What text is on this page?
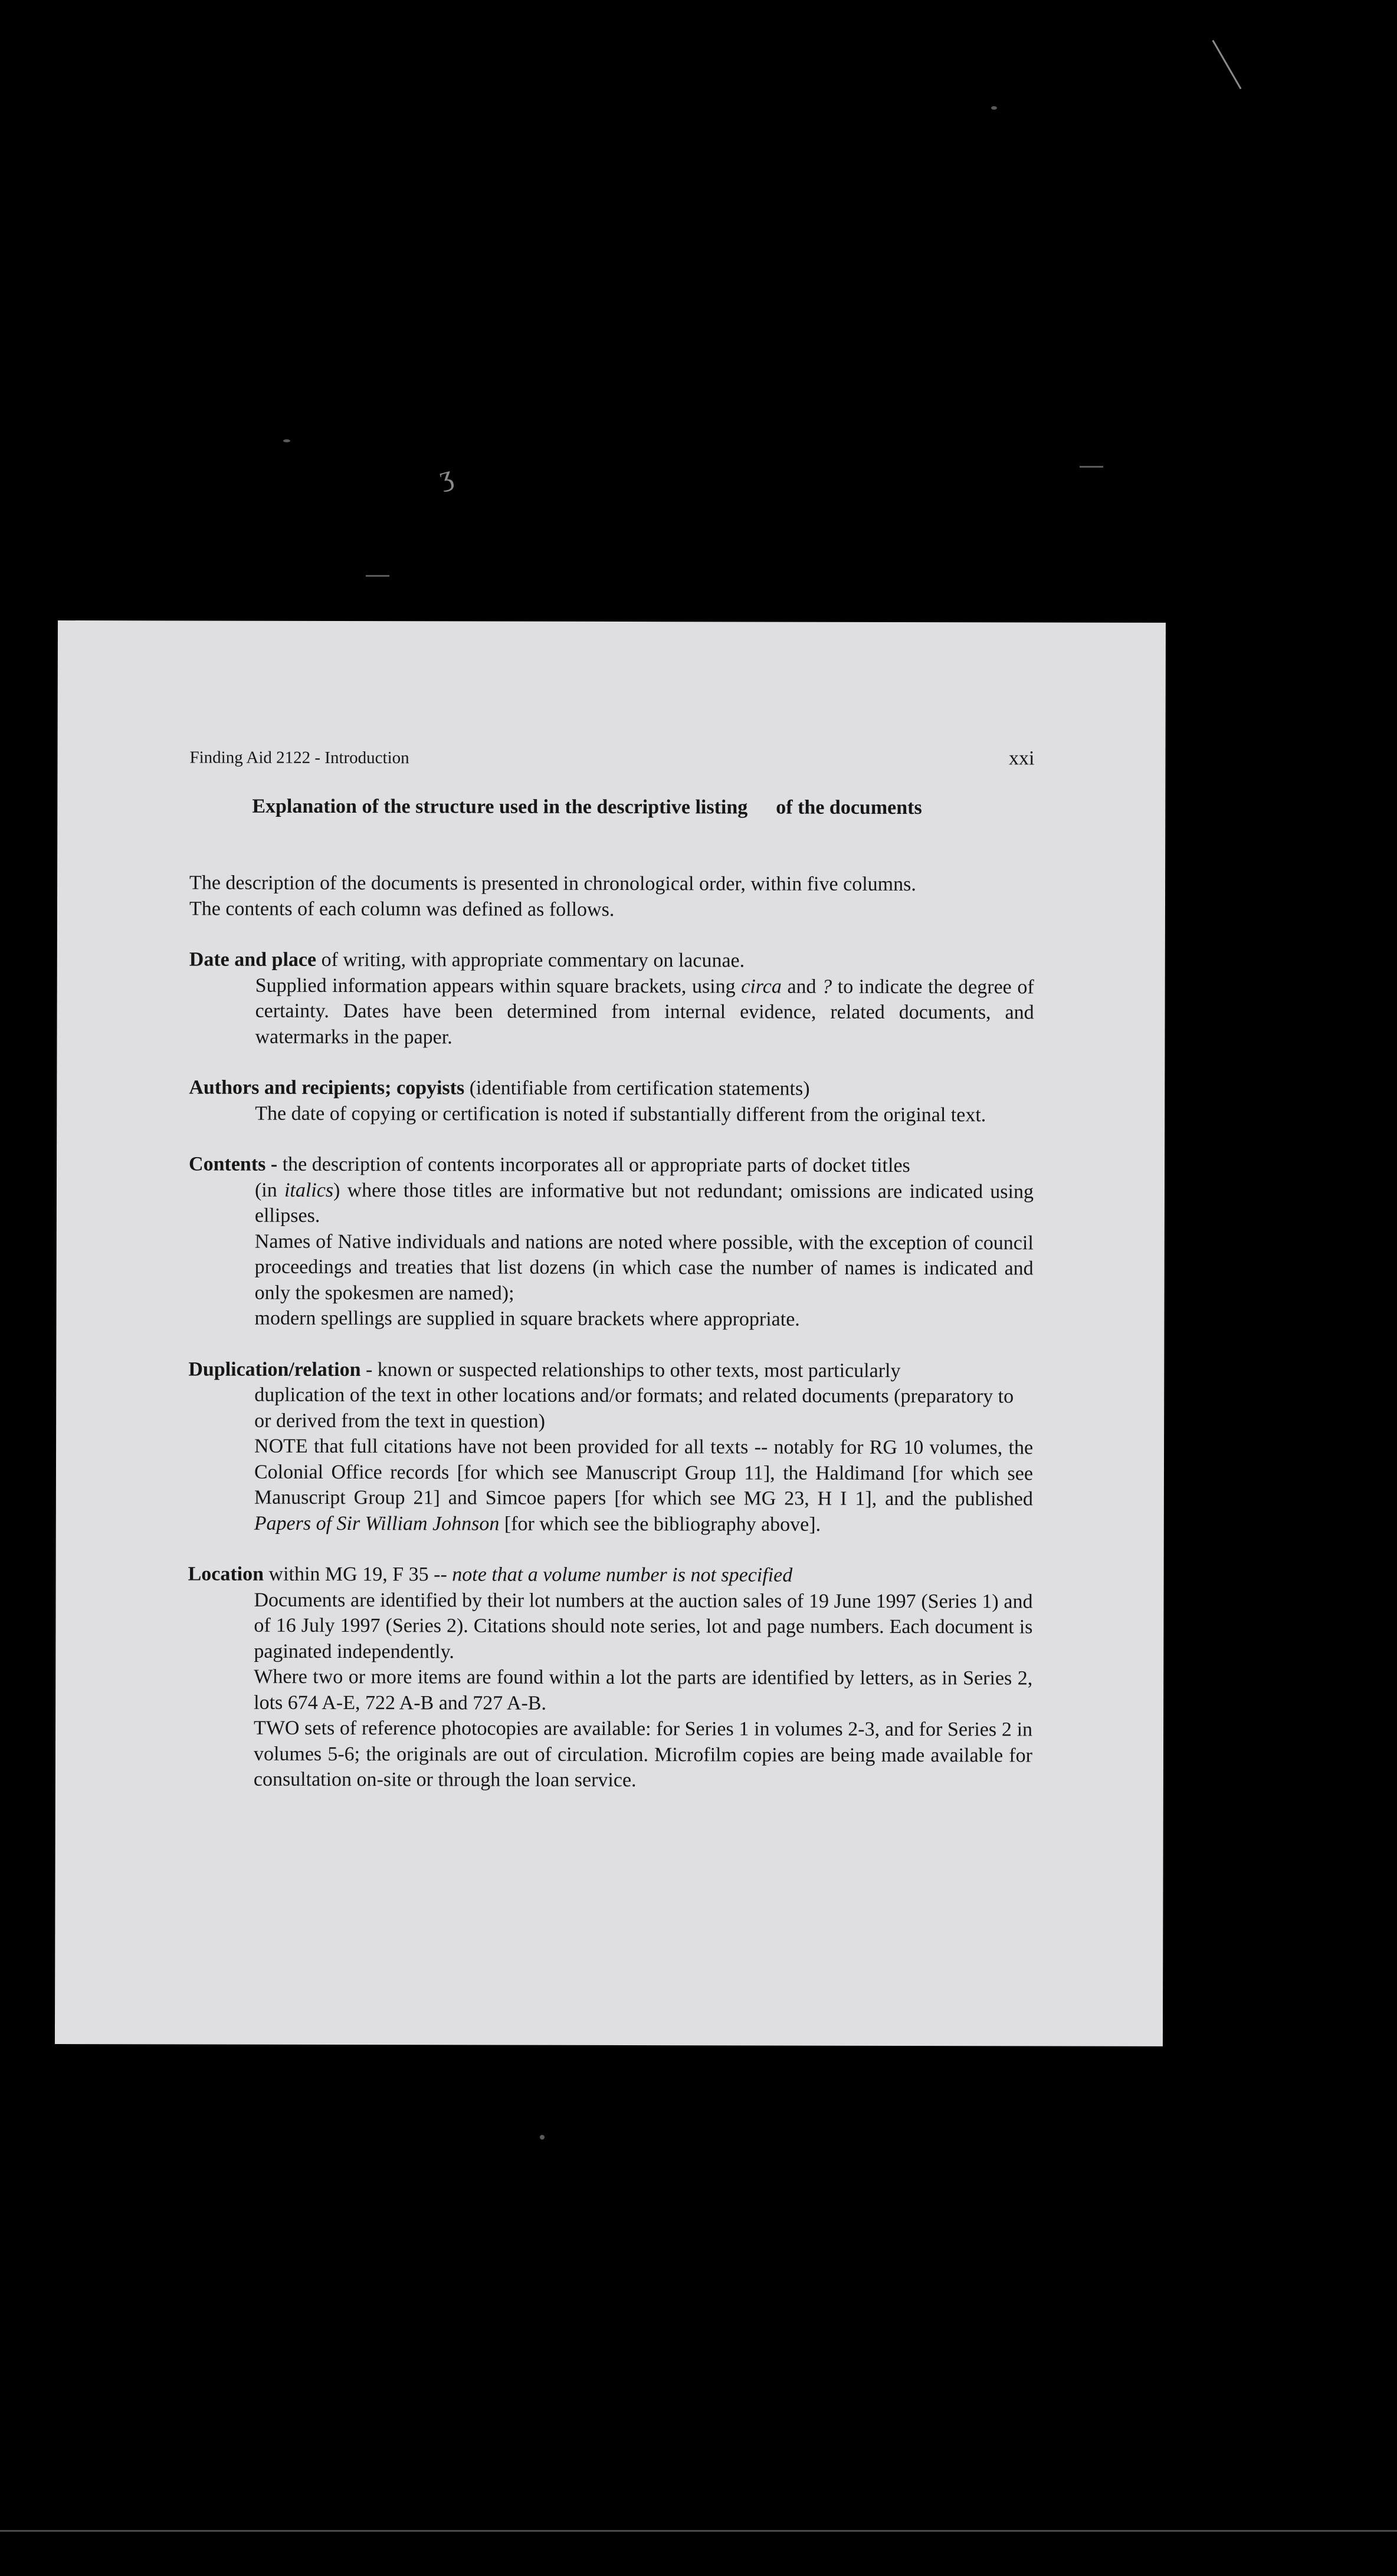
ʒ
Finding Aid 2122 - Introduction	xxi
Explanation of the structure used in the descriptive listing of the documents

The description of the documents is presented in chronological order, within five columns.

The contents of each column was defined as follows.

Date and place of writing, with appropriate commentary on lacunae.

Supplied information appears within square brackets, using circa and ? to indicate the degree of certainty. Dates have been determined from internal evidence, related documents, and watermarks in the paper.

Authors and recipients; copyists (identifiable from certification statements)

The date of copying or certification is noted if substantially different from the original text.

Contents - the description of contents incorporates all or appropriate parts of docket titles

(in italics) where those titles are informative but not redundant; omissions are indicated using ellipses.

Names of Native individuals and nations are noted where possible, with the exception of council proceedings and treaties that list dozens (in which case the number of names is indicated and only the spokesmen are named);

modern spellings are supplied in square brackets where appropriate.

Duplication/relation - known or suspected relationships to other texts, most particularly

duplication of the text in other locations and/or formats; and related documents (preparatory to or derived from the text in question)

NOTE that full citations have not been provided for all texts -- notably for RG 10 volumes, the Colonial Office records [for which see Manuscript Group 11], the Haldimand [for which see Manuscript Group 21] and Simcoe papers [for which see MG 23, H I 1], and the published Papers of Sir William Johnson [for which see the bibliography above].

Location within MG 19, F 35 -- note that a volume number is not specified

Documents are identified by their lot numbers at the auction sales of 19 June 1997 (Series 1) and of 16 July 1997 (Series 2). Citations should note series, lot and page numbers. Each document is paginated independently.

Where two or more items are found within a lot the parts are identified by letters, as in Series 2, lots 674 A-E, 722 A-B and 727 A-B.

TWO sets of reference photocopies are available: for Series 1 in volumes 2-3, and for Series 2 in volumes 5-6; the originals are out of circulation. Microfilm copies are being made available for consultation on-site or through the loan service.
